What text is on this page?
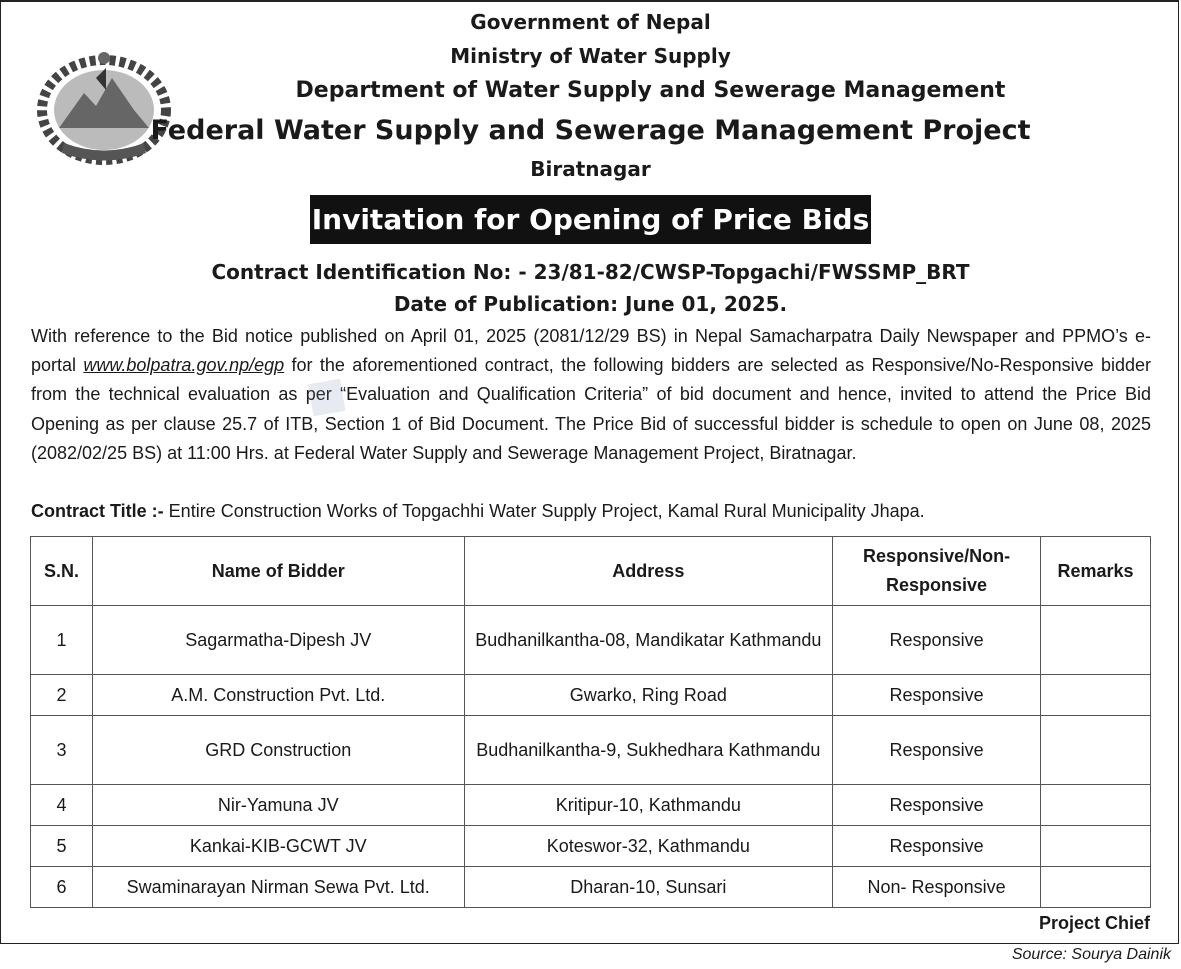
Government of Nepal
Ministry of Water Supply
Department of Water Supply and Sewerage Management
Federal Water Supply and Sewerage Management Project
Biratnagar
Invitation for Opening of Price Bids
Contract Identification No: - 23/81-82/CWSP-Topgachi/FWSSMP_BRT
Date of Publication: June 01, 2025.
With reference to the Bid notice published on April 01, 2025 (2081/12/29 BS) in Nepal Samacharpatra Daily Newspaper and PPMO’s e-portal www.bolpatra.gov.np/egp for the aforementioned contract, the following bidders are selected as Responsive/No-Responsive bidder from the technical evaluation as per “Evaluation and Qualification Criteria” of bid document and hence, invited to attend the Price Bid Opening as per clause 25.7 of ITB, Section 1 of Bid Document. The Price Bid of successful bidder is schedule to open on June 08, 2025 (2082/02/25 BS) at 11:00 Hrs. at Federal Water Supply and Sewerage Management Project, Biratnagar.
Contract Title :- Entire Construction Works of Topgachhi Water Supply Project, Kamal Rural Municipality Jhapa.
◆
S.N.	Name of Bidder	Address	Responsive/Non-Responsive	Remarks
1	Sagarmatha-Dipesh JV	Budhanilkantha-08, Mandikatar Kathmandu	Responsive	
2	A.M. Construction Pvt. Ltd.	Gwarko, Ring Road	Responsive	
3	GRD Construction	Budhanilkantha-9, Sukhedhara Kathmandu	Responsive	
4	Nir-Yamuna JV	Kritipur-10, Kathmandu	Responsive	
5	Kankai-KIB-GCWT JV	Koteswor-32, Kathmandu	Responsive	
6	Swaminarayan Nirman Sewa Pvt. Ltd.	Dharan-10, Sunsari	Non- Responsive	
Project Chief
Source: Sourya Dainik
